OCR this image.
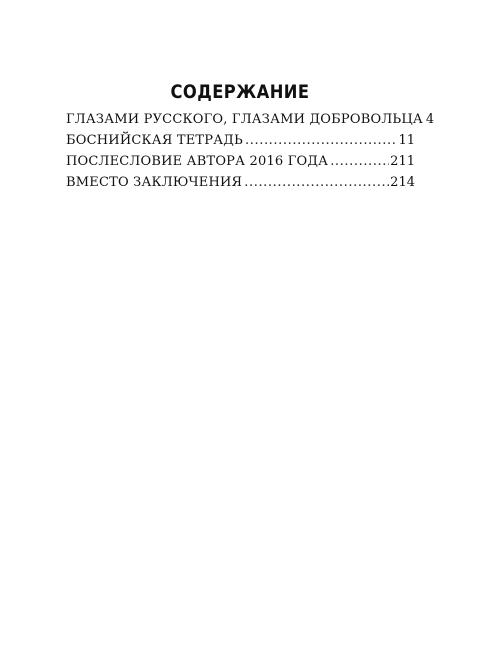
СОДЕРЖАНИЕ
ГЛАЗАМИ РУССКОГО, ГЛАЗАМИ ДОБРОВОЛЬЦА 4
БОСНИЙСКАЯ ТЕТРАДЬ .....	11
ПОСЛЕСЛОВИЕ АВТОРА 2016 ГОДА .....	211
ВМЕСТО ЗАКЛЮЧЕНИЯ .....	214
